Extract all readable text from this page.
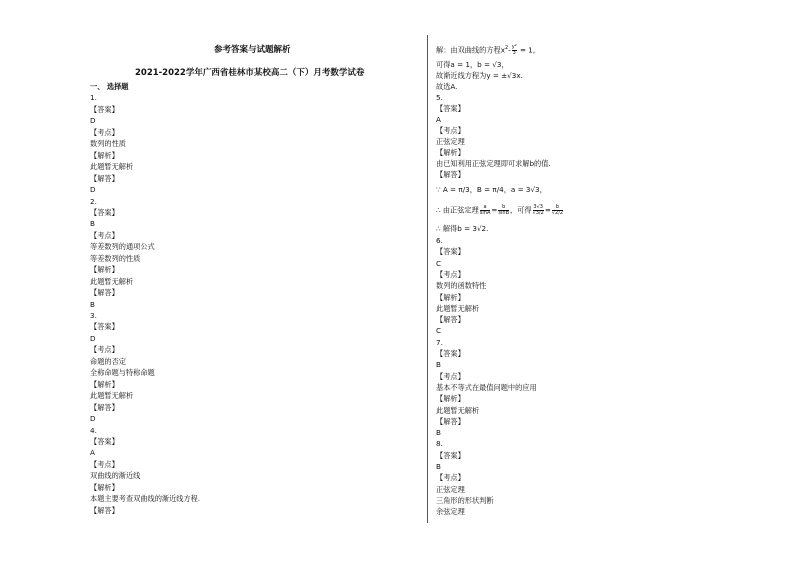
参考答案与试题解析
2021-2022学年广西省桂林市某校高二（下）月考数学试卷
一、 选择题
1.
【答案】
D
【考点】
数列的性质
【解析】
此题暂无解析
【解答】
D
2.
【答案】
B
【考点】
等差数列的通项公式
等差数列的性质
【解析】
此题暂无解析
【解答】
B
3.
【答案】
D
【考点】
命题的否定
全称命题与特称命题
【解析】
此题暂无解析
【解答】
D
4.
【答案】
A
【考点】
双曲线的渐近线
【解析】
本题主要考查双曲线的渐近线方程.
【解答】
解：由双曲线的方程$x^2- \frac{\text{y²}}{3} = 1$,
可得a = 1，b = √3，
故渐近线方程为y = ±√3x.
故选A.
5.
【答案】
A
【考点】
正弦定理
【解析】
由已知利用正弦定理即可求解b的值.
【解答】
∵ A = π/3，B = π/4，a = 3√3，
∴ 由正弦定理 $\frac{a}{\sin A} = \frac{b}{\sin B}$ ，可得 $\frac{3√3}{√3/2} = \frac{b}{√2/2}$
∴ 解得b = 3√2.
6.
【答案】
C
【考点】
数列的函数特性
【解析】
此题暂无解析
【解答】
C
7.
【答案】
B
【考点】
基本不等式在最值问题中的应用
【解析】
此题暂无解析
【解答】
B
8.
【答案】
B
【考点】
正弦定理
三角形的形状判断
余弦定理
